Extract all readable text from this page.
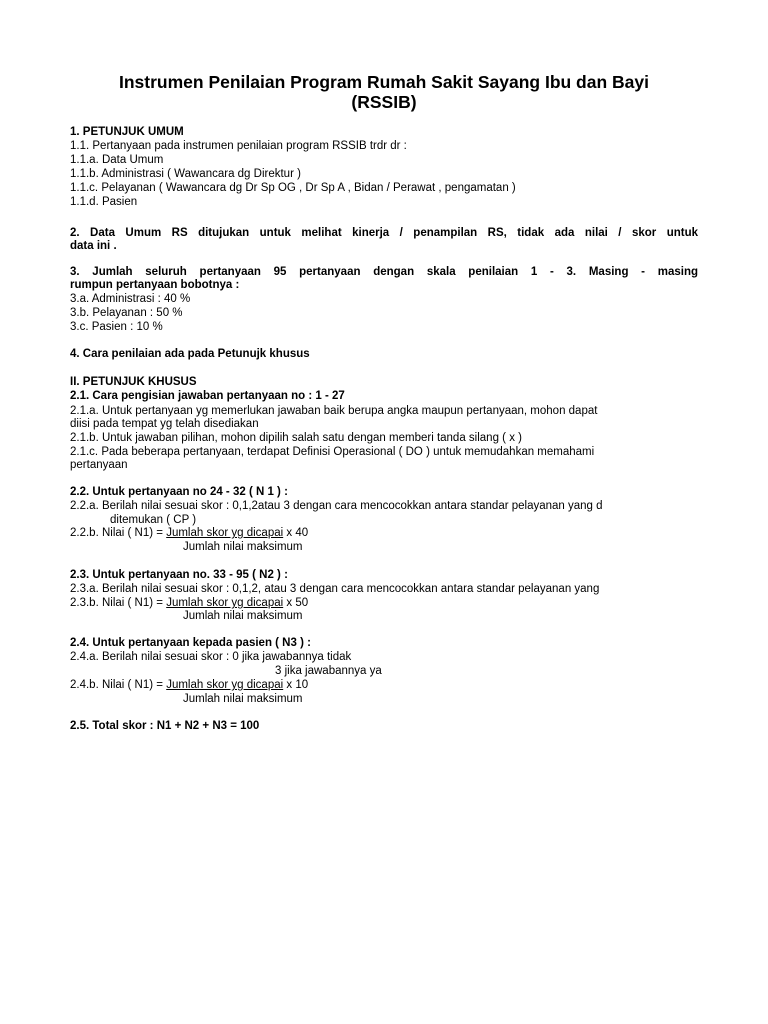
Instrumen Penilaian Program Rumah Sakit Sayang Ibu dan Bayi
(RSSIB)
1. PETUNJUK UMUM
1.1. Pertanyaan pada instrumen penilaian program RSSIB trdr dr :
1.1.a. Data Umum
1.1.b. Administrasi ( Wawancara dg Direktur )
1.1.c. Pelayanan ( Wawancara dg Dr Sp OG , Dr Sp A , Bidan / Perawat , pengamatan )
1.1.d. Pasien
2. Data Umum RS ditujukan untuk melihat kinerja / penampilan RS, tidak ada nilai / skor untuk
data ini .
3. Jumlah seluruh pertanyaan 95 pertanyaan dengan skala penilaian 1 - 3. Masing - masing
rumpun pertanyaan bobotnya :
3.a. Administrasi : 40 %
3.b. Pelayanan : 50 %
3.c. Pasien : 10 %
4. Cara penilaian ada pada Petunujk khusus
II. PETUNJUK KHUSUS
2.1. Cara pengisian jawaban pertanyaan no : 1 - 27
2.1.a. Untuk pertanyaan yg memerlukan jawaban baik berupa angka maupun pertanyaan, mohon dapat
diisi pada tempat yg telah disediakan
2.1.b. Untuk jawaban pilihan, mohon dipilih salah satu dengan memberi tanda silang ( x )
2.1.c. Pada beberapa pertanyaan, terdapat Definisi Operasional ( DO ) untuk memudahkan memahami
pertanyaan
2.2. Untuk pertanyaan no 24 - 32 ( N 1 ) :
2.2.a. Berilah nilai sesuai skor : 0,1,2atau 3 dengan cara mencocokkan antara standar pelayanan yang d
ditemukan ( CP )
2.2.b. Nilai ( N1) = Jumlah skor yg dicapai x 40
Jumlah nilai maksimum
2.3. Untuk pertanyaan no. 33 - 95 ( N2 ) :
2.3.a. Berilah nilai sesuai skor : 0,1,2, atau 3 dengan cara mencocokkan antara standar pelayanan yang
2.3.b. Nilai ( N1) = Jumlah skor yg dicapai x 50
Jumlah nilai maksimum
2.4. Untuk pertanyaan kepada pasien ( N3 ) :
2.4.a. Berilah nilai sesuai skor : 0 jika jawabannya tidak
3 jika jawabannya ya
2.4.b. Nilai ( N1) = Jumlah skor yg dicapai x 10
Jumlah nilai maksimum
2.5. Total skor : N1 + N2 + N3 = 100
